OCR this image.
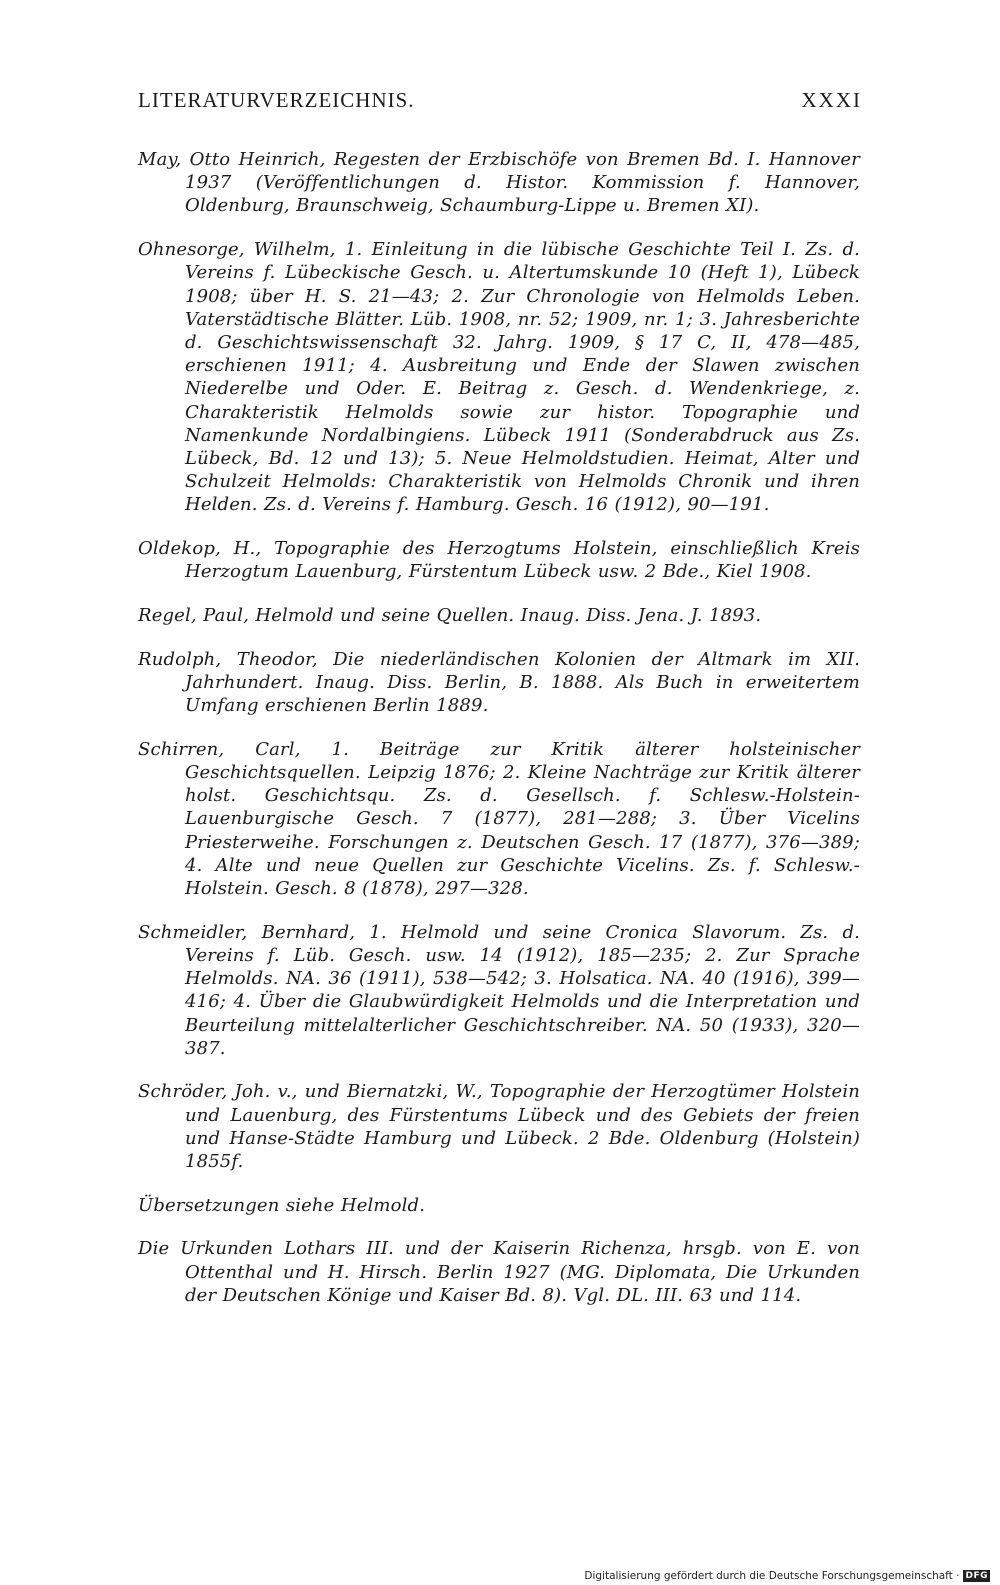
LITERATURVERZEICHNIS.	XXXI

May, Otto Heinrich, Regesten der Erzbischöfe von Bremen Bd. I. Hannover 1937 (Veröffentlichungen d. Histor. Kommission f. Hannover, Oldenburg, Braunschweig, Schaumburg-Lippe u. Bremen XI).

Ohnesorge, Wilhelm, 1. Einleitung in die lübische Geschichte Teil I. Zs. d. Vereins f. Lübeckische Gesch. u. Altertumskunde 10 (Heft 1), Lübeck 1908; über H. S. 21—43; 2. Zur Chronologie von Helmolds Leben. Vaterstädtische Blätter. Lüb. 1908, nr. 52; 1909, nr. 1; 3. Jahresberichte d. Geschichtswissenschaft 32. Jahrg. 1909, § 17 C, II, 478—485, erschienen 1911; 4. Ausbreitung und Ende der Slawen zwischen Niederelbe und Oder. E. Beitrag z. Gesch. d. Wendenkriege, z. Charakteristik Helmolds sowie zur histor. Topographie und Namenkunde Nordalbingiens. Lübeck 1911 (Sonderabdruck aus Zs. Lübeck, Bd. 12 und 13); 5. Neue Helmoldstudien. Heimat, Alter und Schulzeit Helmolds: Charakteristik von Helmolds Chronik und ihren Helden. Zs. d. Vereins f. Hamburg. Gesch. 16 (1912), 90—191.

Oldekop, H., Topographie des Herzogtums Holstein, einschließlich Kreis Herzogtum Lauenburg, Fürstentum Lübeck usw. 2 Bde., Kiel 1908.

Regel, Paul, Helmold und seine Quellen. Inaug. Diss. Jena. J. 1893.

Rudolph, Theodor, Die niederländischen Kolonien der Altmark im XII. Jahrhundert. Inaug. Diss. Berlin, B. 1888. Als Buch in erweitertem Umfang erschienen Berlin 1889.

Schirren, Carl, 1. Beiträge zur Kritik älterer holsteinischer Geschichtsquellen. Leipzig 1876; 2. Kleine Nachträge zur Kritik älterer holst. Geschichtsqu. Zs. d. Gesellsch. f. Schlesw.-Holstein-Lauenburgische Gesch. 7 (1877), 281—288; 3. Über Vicelins Priesterweihe. Forschungen z. Deutschen Gesch. 17 (1877), 376—389; 4. Alte und neue Quellen zur Geschichte Vicelins. Zs. f. Schlesw.-Holstein. Gesch. 8 (1878), 297—328.

Schmeidler, Bernhard, 1. Helmold und seine Cronica Slavorum. Zs. d. Vereins f. Lüb. Gesch. usw. 14 (1912), 185—235; 2. Zur Sprache Helmolds. NA. 36 (1911), 538—542; 3. Holsatica. NA. 40 (1916), 399—416; 4. Über die Glaubwürdigkeit Helmolds und die Interpretation und Beurteilung mittelalterlicher Geschichtschreiber. NA. 50 (1933), 320—387.

Schröder, Joh. v., und Biernatzki, W., Topographie der Herzogtümer Holstein und Lauenburg, des Fürstentums Lübeck und des Gebiets der freien und Hanse-Städte Hamburg und Lübeck. 2 Bde. Oldenburg (Holstein) 1855f.

Übersetzungen siehe Helmold.

Die Urkunden Lothars III. und der Kaiserin Richenza, hrsgb. von E. von Ottenthal und H. Hirsch. Berlin 1927 (MG. Diplomata, Die Urkunden der Deutschen Könige und Kaiser Bd. 8). Vgl. DL. III. 63 und 114.

Digitalisierung gefördert durch die Deutsche Forschungsgemeinschaft · DFG
